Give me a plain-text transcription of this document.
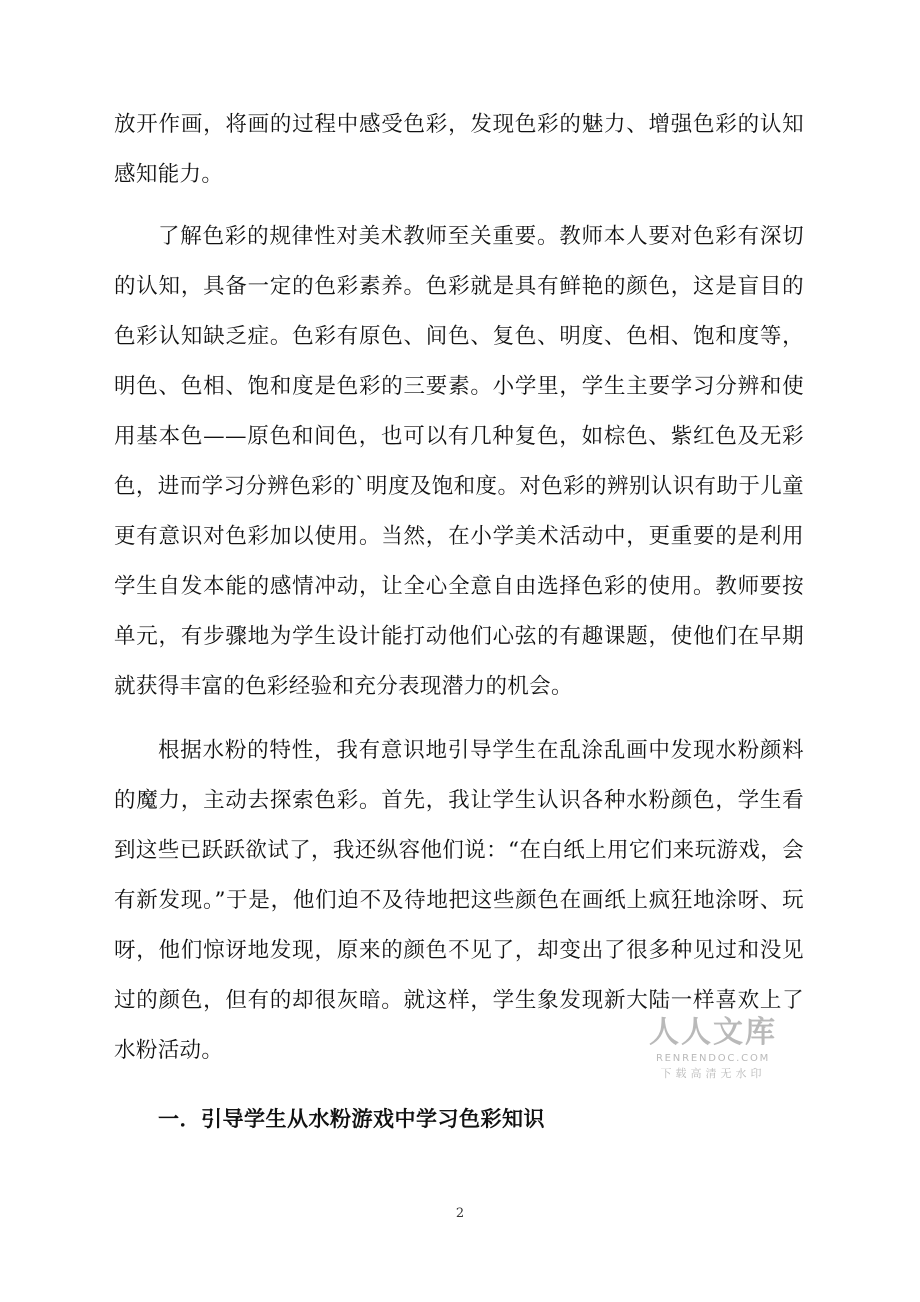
放开作画，将画的过程中感受色彩，发现色彩的魅力、增强色彩的认知感知能力。

了解色彩的规律性对美术教师至关重要。教师本人要对色彩有深切的认知，具备一定的色彩素养。色彩就是具有鲜艳的颜色，这是盲目的色彩认知缺乏症。色彩有原色、间色、复色、明度、色相、饱和度等，明色、色相、饱和度是色彩的三要素。小学里，学生主要学习分辨和使用基本色——原色和间色，也可以有几种复色，如棕色、紫红色及无彩色，进而学习分辨色彩的`明度及饱和度。对色彩的辨别认识有助于儿童更有意识对色彩加以使用。当然，在小学美术活动中，更重要的是利用学生自发本能的感情冲动，让全心全意自由选择色彩的使用。教师要按单元，有步骤地为学生设计能打动他们心弦的有趣课题，使他们在早期就获得丰富的色彩经验和充分表现潜力的机会。

根据水粉的特性，我有意识地引导学生在乱涂乱画中发现水粉颜料的魔力，主动去探索色彩。首先，我让学生认识各种水粉颜色，学生看到这些已跃跃欲试了，我还纵容他们说：“在白纸上用它们来玩游戏，会有新发现。”于是，他们迫不及待地把这些颜色在画纸上疯狂地涂呀、玩呀，他们惊讶地发现，原来的颜色不见了，却变出了很多种见过和没见过的颜色，但有的却很灰暗。就这样，学生象发现新大陆一样喜欢上了水粉活动。

一．引导学生从水粉游戏中学习色彩知识
人人文库
RENRENDOC.COM
下载高清无水印
2
